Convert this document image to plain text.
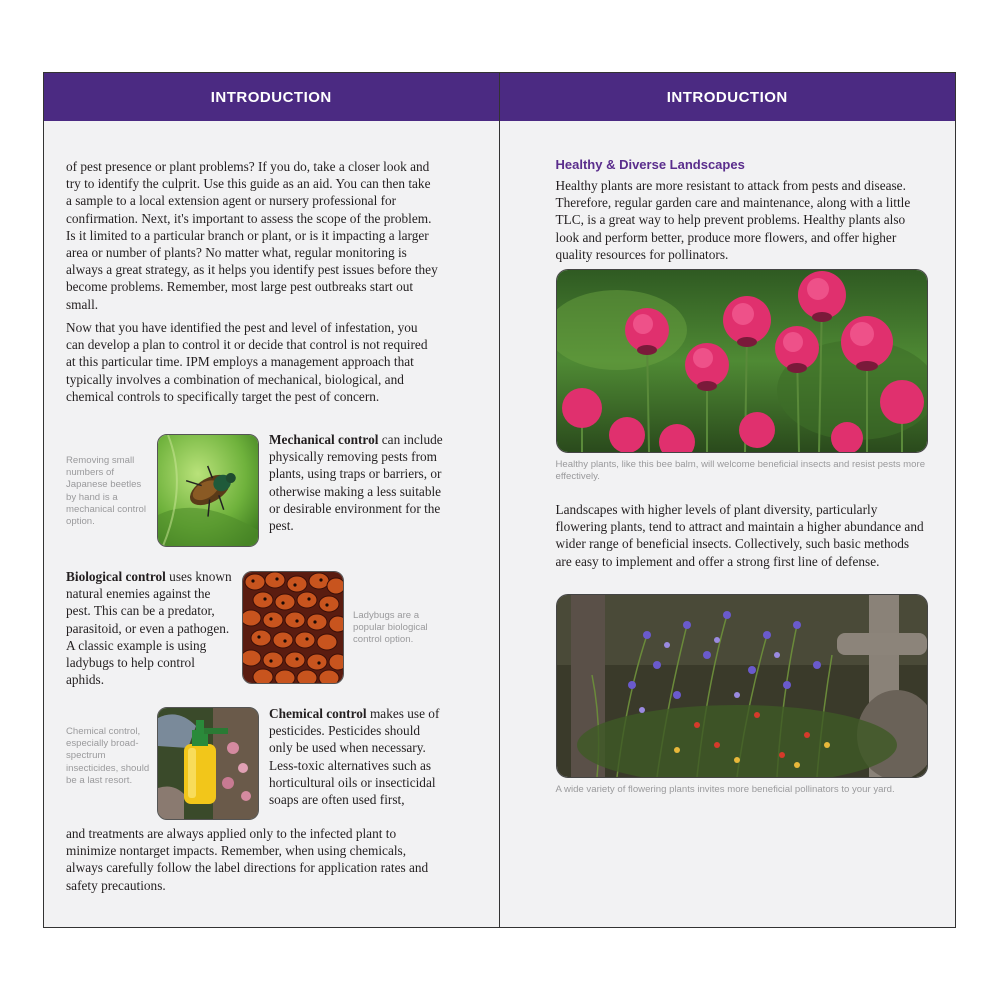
INTRODUCTION

of pest presence or plant problems? If you do, take a closer look and try to identify the culprit. Use this guide as an aid. You can then take a sample to a local extension agent or nursery professional for confirmation. Next, it's important to assess the scope of the problem. Is it limited to a particular branch or plant, or is it impacting a larger area or number of plants? No matter what, regular monitoring is always a great strategy, as it helps you identify pest issues before they become problems. Remember, most large pest outbreaks start out small.

Now that you have identified the pest and level of infestation, you can develop a plan to control it or decide that control is not required at this particular time. IPM employs a management approach that typically involves a combination of mechanical, biological, and chemical controls to specifically target the pest of concern.

Removing small numbers of Japanese beetles by hand is a mechanical control option.

Mechanical control can include physically removing pests from plants, using traps or barriers, or otherwise making a less suitable or desirable environment for the pest.

Biological control uses known natural enemies against the pest. This can be a predator, parasitoid, or even a pathogen. A classic example is using ladybugs to help control aphids.

Ladybugs are a popular biological control option.

Chemical control, especially broad-spectrum insecticides, should be a last resort.

Chemical control makes use of pesticides. Pesticides should only be used when necessary. Less-toxic alternatives such as horticultural oils or insecticidal soaps are often used first,

and treatments are always applied only to the infected plant to minimize nontarget impacts. Remember, when using chemicals, always carefully follow the label directions for application rates and safety precautions.

INTRODUCTION
Healthy & Diverse Landscapes

Healthy plants are more resistant to attack from pests and disease. Therefore, regular garden care and maintenance, along with a little TLC, is a great way to help prevent problems. Healthy plants also look and perform better, produce more flowers, and offer higher quality resources for pollinators.

Healthy plants, like this bee balm, will welcome beneficial insects and resist pests more effectively.

Landscapes with higher levels of plant diversity, particularly flowering plants, tend to attract and maintain a higher abundance and wider range of beneficial insects. Collectively, such basic methods are easy to implement and offer a strong first line of defense.

A wide variety of flowering plants invites more beneficial pollinators to your yard.
